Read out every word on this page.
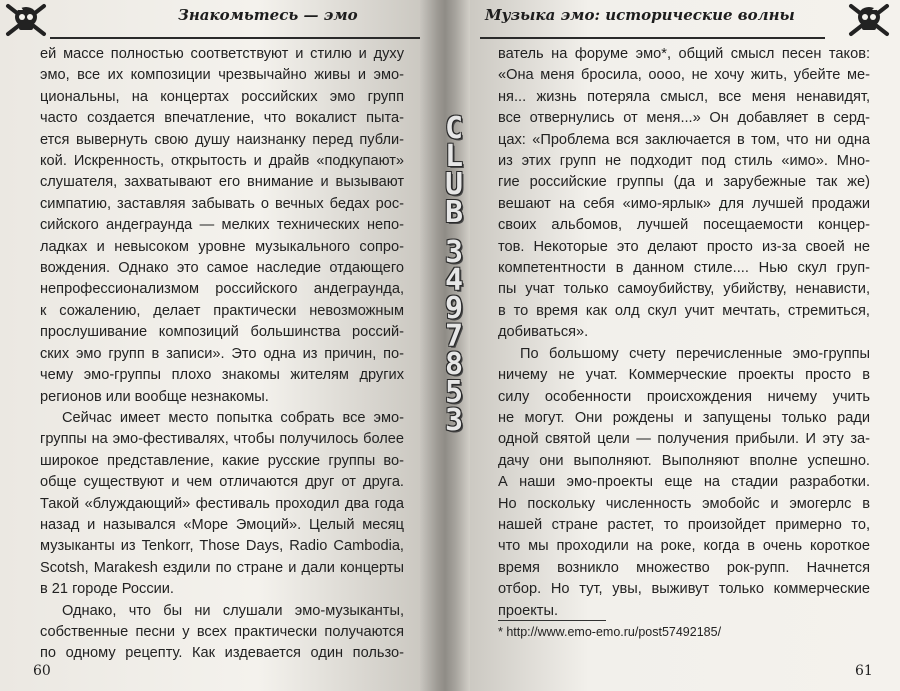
Знакомьтесь — эмо
ей массе полностью соответствуют и стилю и духу
эмо, все их композиции чрезвычайно живы и эмо-
циональны, на концертах российских эмо групп
часто создается впечатление, что вокалист пыта-
ется вывернуть свою душу наизнанку перед публи-
кой. Искренность, открытость и драйв «подкупают»
слушателя, захватывают его внимание и вызывают
симпатию, заставляя забывать о вечных бедах рос-
сийского андеграунда — мелких технических непо-
ладках и невысоком уровне музыкального сопро-
вождения. Однако это самое наследие отдающего
непрофессионализмом российского андеграунда,
к сожалению, делает практически невозможным
прослушивание композиций большинства россий-
ских эмо групп в записи». Это одна из причин, по-
чему эмо-группы плохо знакомы жителям других
регионов или вообще незнакомы.
Сейчас имеет место попытка собрать все эмо-
группы на эмо-фестивалях, чтобы получилось более
широкое представление, какие русские группы во-
обще существуют и чем отличаются друг от друга.
Такой «блуждающий» фестиваль проходил два года
назад и назывался «Море Эмоций». Целый месяц
музыканты из Tenkorr, Those Days, Radio Cambodia,
Scotsh, Marakesh ездили по стране и дали концерты
в 21 городе России.
Однако, что бы ни слушали эмо-музыканты,
собственные песни у всех практически получаются
по одному рецепту. Как издевается один пользо-
60
Музыка эмо: исторические волны
ватель на форуме эмо*, общий смысл песен таков:
«Она меня бросила, оооо, не хочу жить, убейте ме-
ня... жизнь потеряла смысл, все меня ненавидят,
все отвернулись от меня...» Он добавляет в серд-
цах: «Проблема вся заключается в том, что ни одна
из этих групп не подходит под стиль «имо». Мно-
гие российские группы (да и зарубежные так же)
вешают на себя «имо-ярлык» для лучшей продажи
своих альбомов, лучшей посещаемости концер-
тов. Некоторые это делают просто из-за своей не
компетентности в данном стиле.... Нью скул груп-
пы учат только самоубийству, убийству, ненависти,
в то время как олд скул учит мечтать, стремиться,
добиваться».
По большому счету перечисленные эмо-группы
ничему не учат. Коммерческие проекты просто в
силу особенности происхождения ничему учить
не могут. Они рождены и запущены только ради
одной святой цели — получения прибыли. И эту за-
дачу они выполняют. Выполняют вполне успешно.
А наши эмо-проекты еще на стадии разработки.
Но поскольку численность эмобойс и эмогерлс в
нашей стране растет, то произойдет примерно то,
что мы проходили на роке, когда в очень короткое
время возникло множество рок-рупп. Начнется
отбор. Но тут, увы, выживут только коммерческие
проекты.
61
* http://www.emo-emo.ru/post57492185/
C
L
U
B
3
4
9
7
8
5
3
